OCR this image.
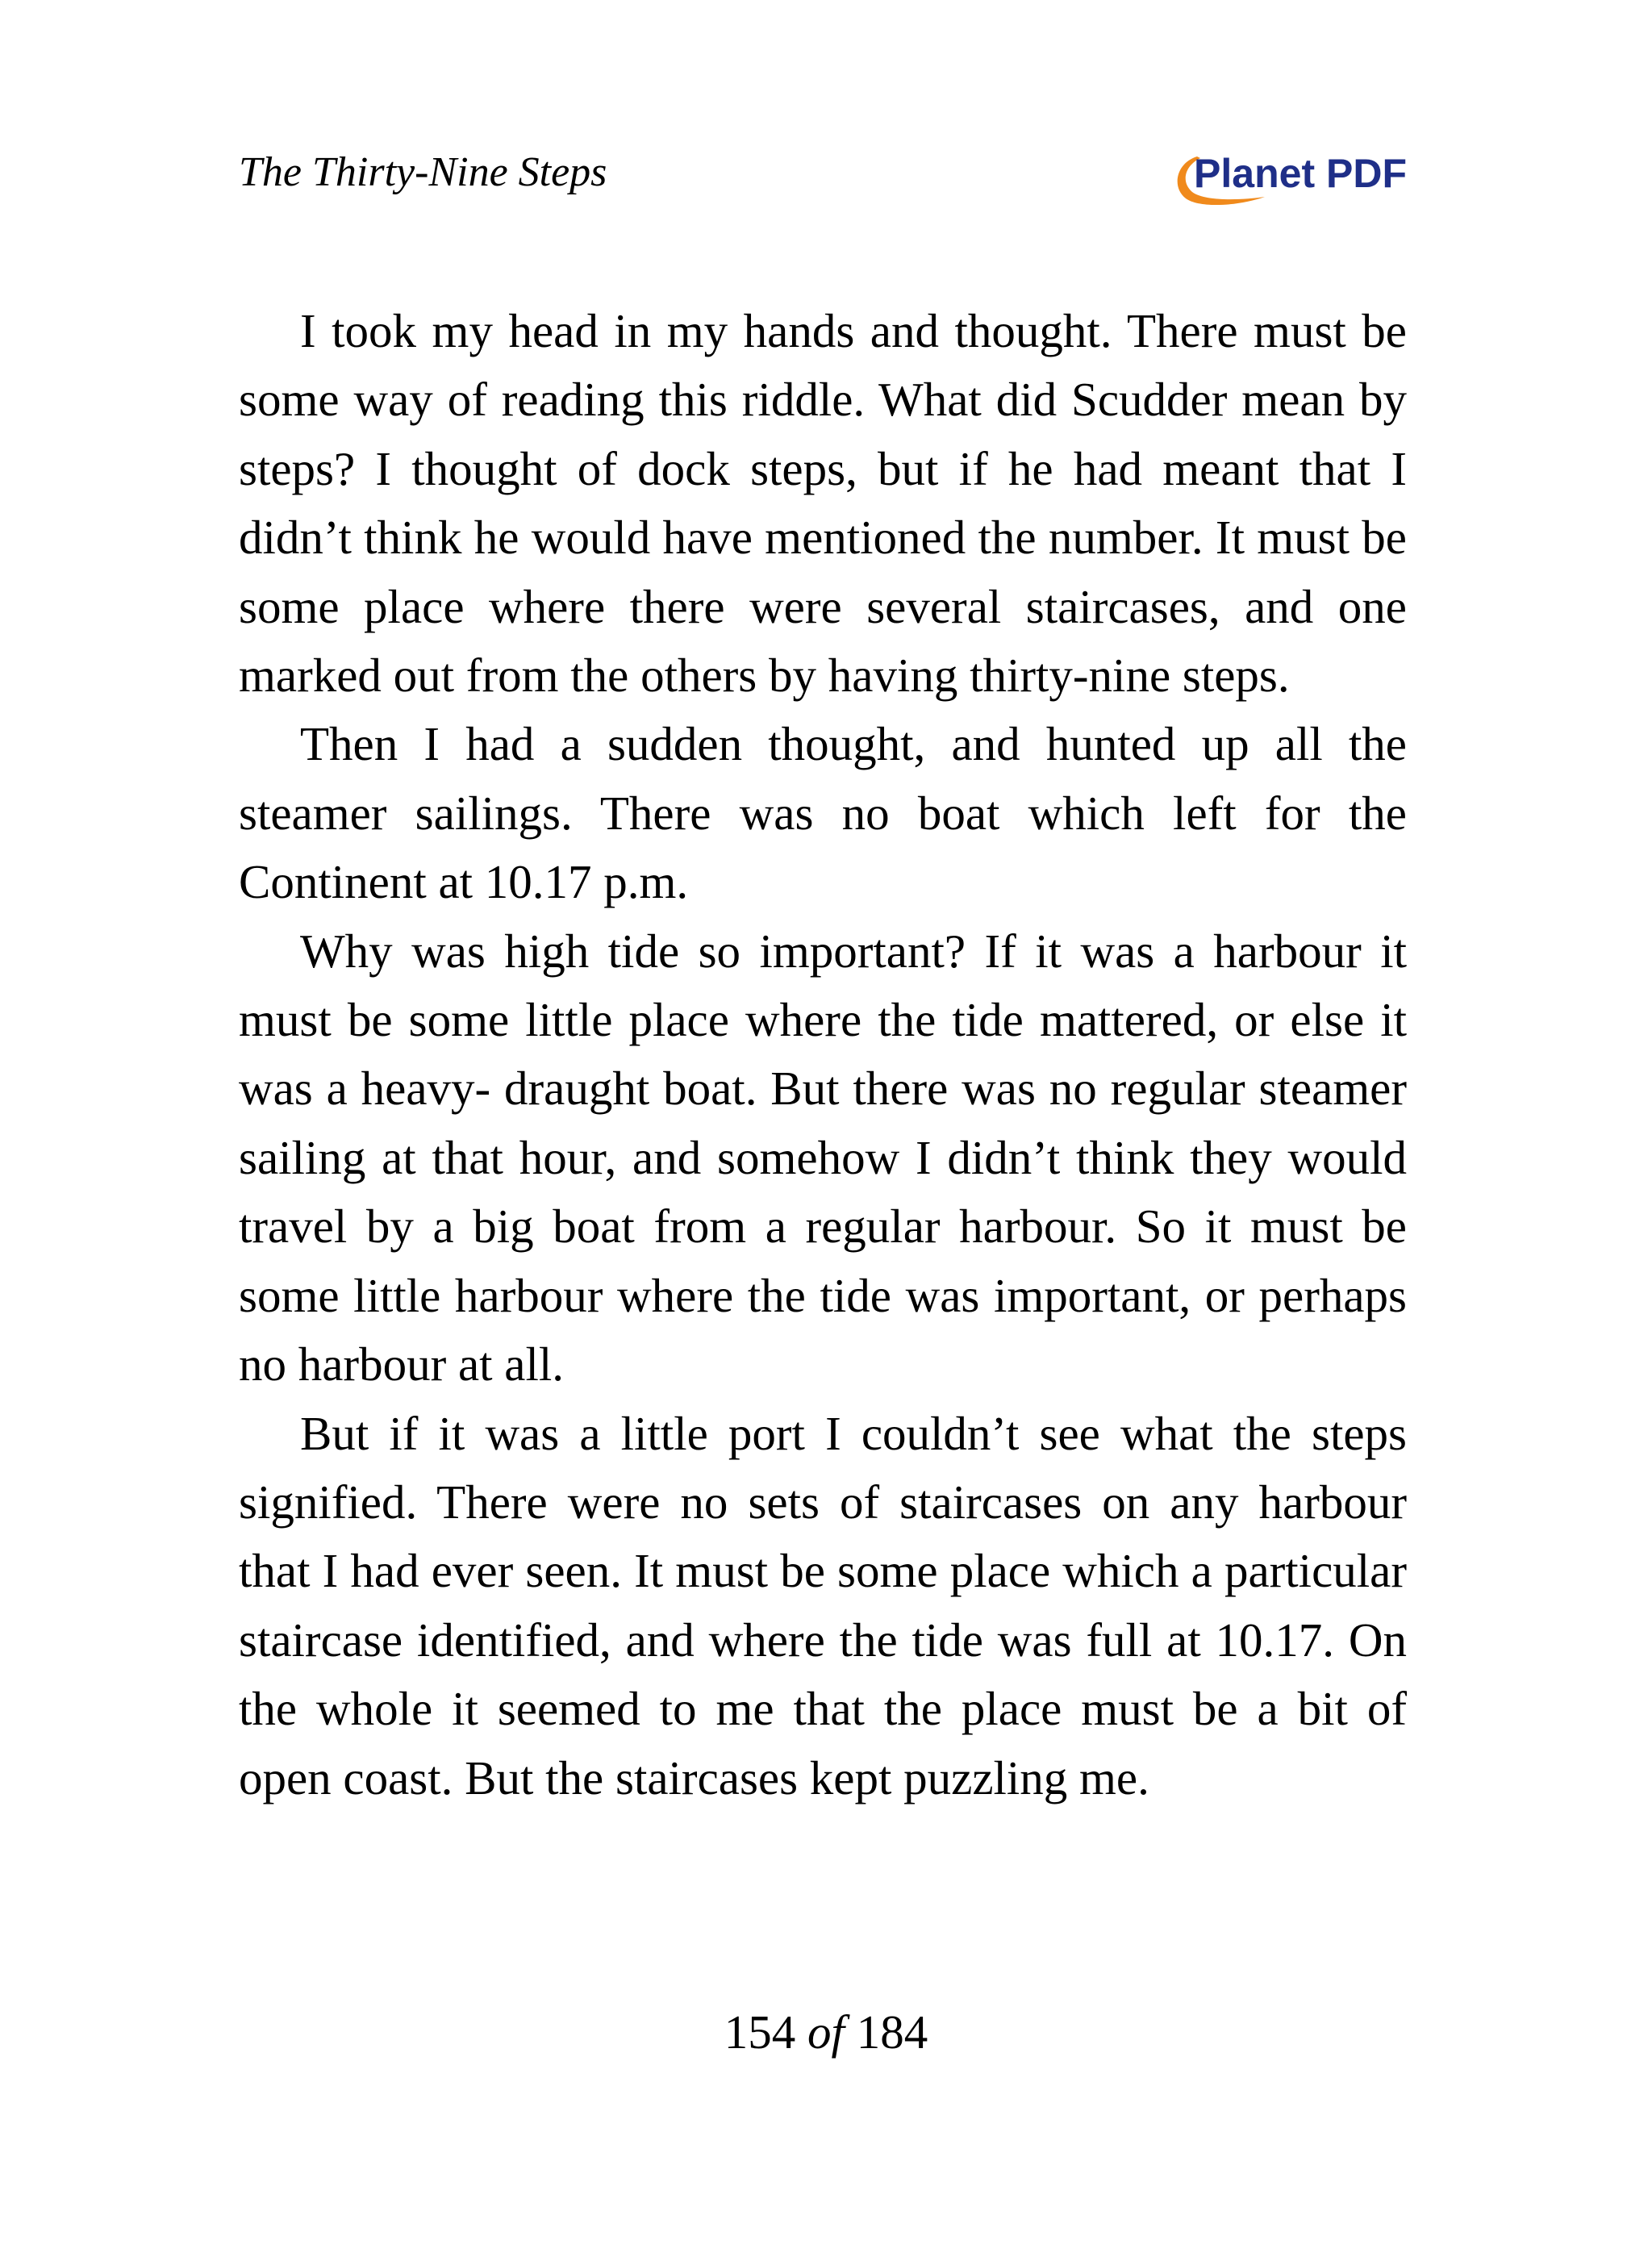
The Thirty-Nine Steps	Planet PDF

I took my head in my hands and thought. There must be some way of reading this riddle. What did Scudder mean by steps? I thought of dock steps, but if he had meant that I didn’t think he would have mentioned the number. It must be some place where there were several staircases, and one marked out from the others by having thirty-nine steps.

Then I had a sudden thought, and hunted up all the steamer sailings. There was no boat which left for the Continent at 10.17 p.m.

Why was high tide so important? If it was a harbour it must be some little place where the tide mattered, or else it was a heavy- draught boat. But there was no regular steamer sailing at that hour, and somehow I didn’t think they would travel by a big boat from a regular harbour. So it must be some little harbour where the tide was important, or perhaps no harbour at all.

But if it was a little port I couldn’t see what the steps signified. There were no sets of staircases on any harbour that I had ever seen. It must be some place which a particular staircase identified, and where the tide was full at 10.17. On the whole it seemed to me that the place must be a bit of open coast. But the staircases kept puzzling me.

154 of 184
